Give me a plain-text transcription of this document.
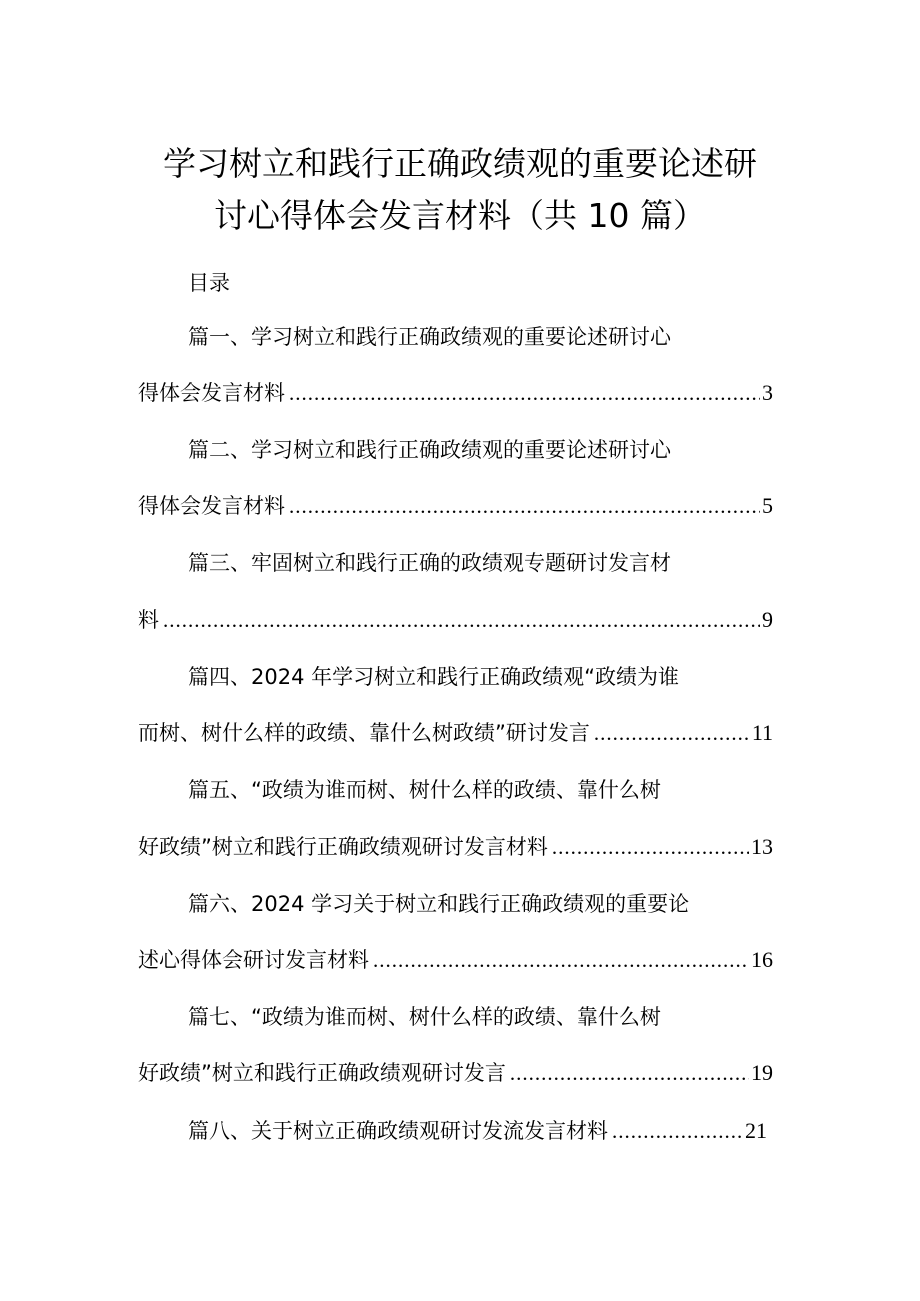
学习树立和践行正确政绩观的重要论述研
讨心得体会发言材料（共 10 篇）
目录
篇一、学习树立和践行正确政绩观的重要论述研讨心
得体会发言材料 .....	3
篇二、学习树立和践行正确政绩观的重要论述研讨心
得体会发言材料 .....	5
篇三、牢固树立和践行正确的政绩观专题研讨发言材
料 .....	9
篇四、2024 年学习树立和践行正确政绩观“政绩为谁
而树、树什么样的政绩、靠什么树政绩”研讨发言 .....	11
篇五、“政绩为谁而树、树什么样的政绩、靠什么树
好政绩”树立和践行正确政绩观研讨发言材料 .....	13
篇六、2024 学习关于树立和践行正确政绩观的重要论
述心得体会研讨发言材料 .....	16
篇七、“政绩为谁而树、树什么样的政绩、靠什么树
好政绩”树立和践行正确政绩观研讨发言 .....	19
篇八、关于树立正确政绩观研讨发流发言材料 .....	21
